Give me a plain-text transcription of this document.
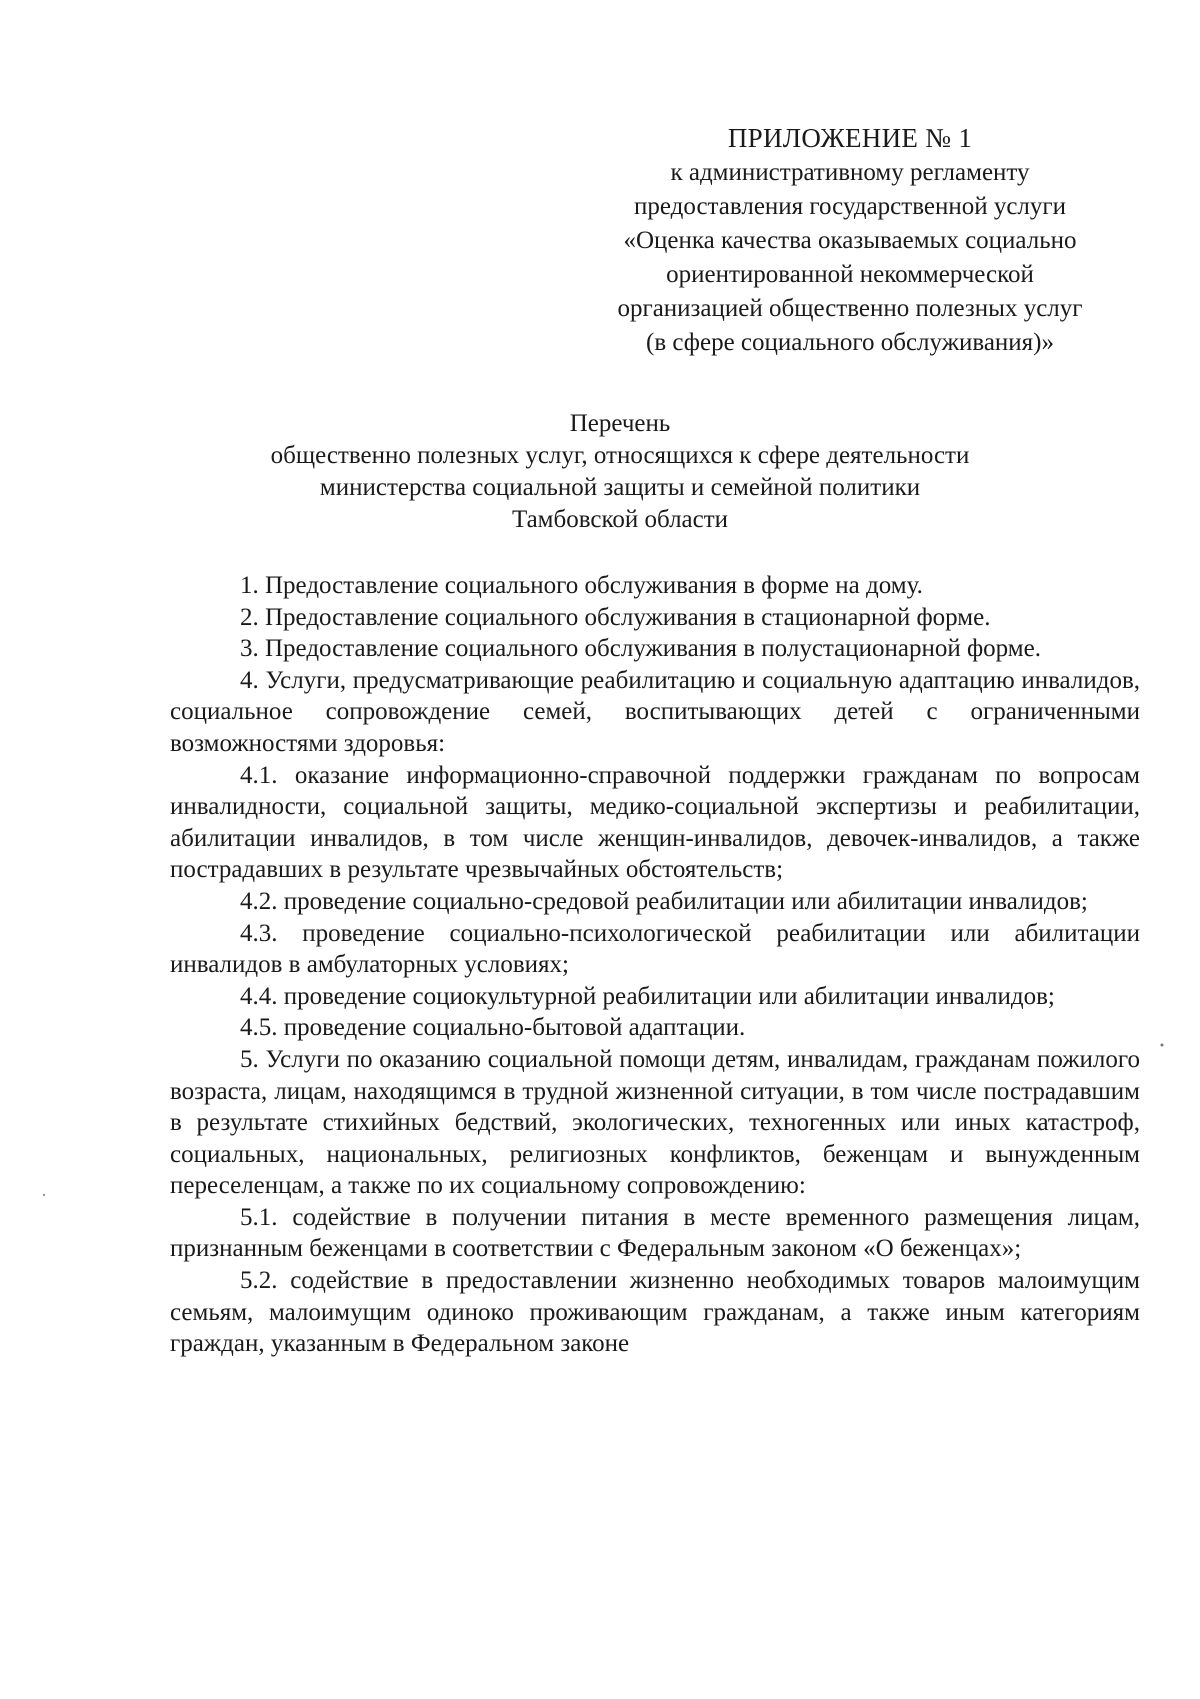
ПРИЛОЖЕНИЕ № 1
к административному регламенту
предоставления государственной услуги
«Оценка качества оказываемых социально
ориентированной некоммерческой
организацией общественно полезных услуг
(в сфере социального обслуживания)»
Перечень
общественно полезных услуг, относящихся к сфере деятельности
министерства социальной защиты и семейной политики
Тамбовской области

1. Предоставление социального обслуживания в форме на дому.

2. Предоставление социального обслуживания в стационарной форме.

3. Предоставление социального обслуживания в полустационарной форме.

4. Услуги, предусматривающие реабилитацию и социальную адаптацию инвалидов, социальное сопровождение семей, воспитывающих детей с ограниченными возможностями здоровья:

4.1. оказание информационно-справочной поддержки гражданам по вопросам инвалидности, социальной защиты, медико-социальной экспертизы и реабилитации, абилитации инвалидов, в том числе женщин-инвалидов, девочек-инвалидов, а также пострадавших в результате чрезвычайных обстоятельств;

4.2. проведение социально-средовой реабилитации или абилитации инвалидов;

4.3. проведение социально-психологической реабилитации или абилитации инвалидов в амбулаторных условиях;

4.4. проведение социокультурной реабилитации или абилитации инвалидов;

4.5. проведение социально-бытовой адаптации.

5. Услуги по оказанию социальной помощи детям, инвалидам, гражданам пожилого возраста, лицам, находящимся в трудной жизненной ситуации, в том числе пострадавшим в результате стихийных бедствий, экологических, техногенных или иных катастроф, социальных, национальных, религиозных конфликтов, беженцам и вынужденным переселенцам, а также по их социальному сопровождению:

5.1. содействие в получении питания в месте временного размещения лицам, признанным беженцами в соответствии с Федеральным законом «О беженцах»;

5.2. содействие в предоставлении жизненно необходимых товаров малоимущим семьям, малоимущим одиноко проживающим гражданам, а также иным категориям граждан, указанным в Федеральном законе
